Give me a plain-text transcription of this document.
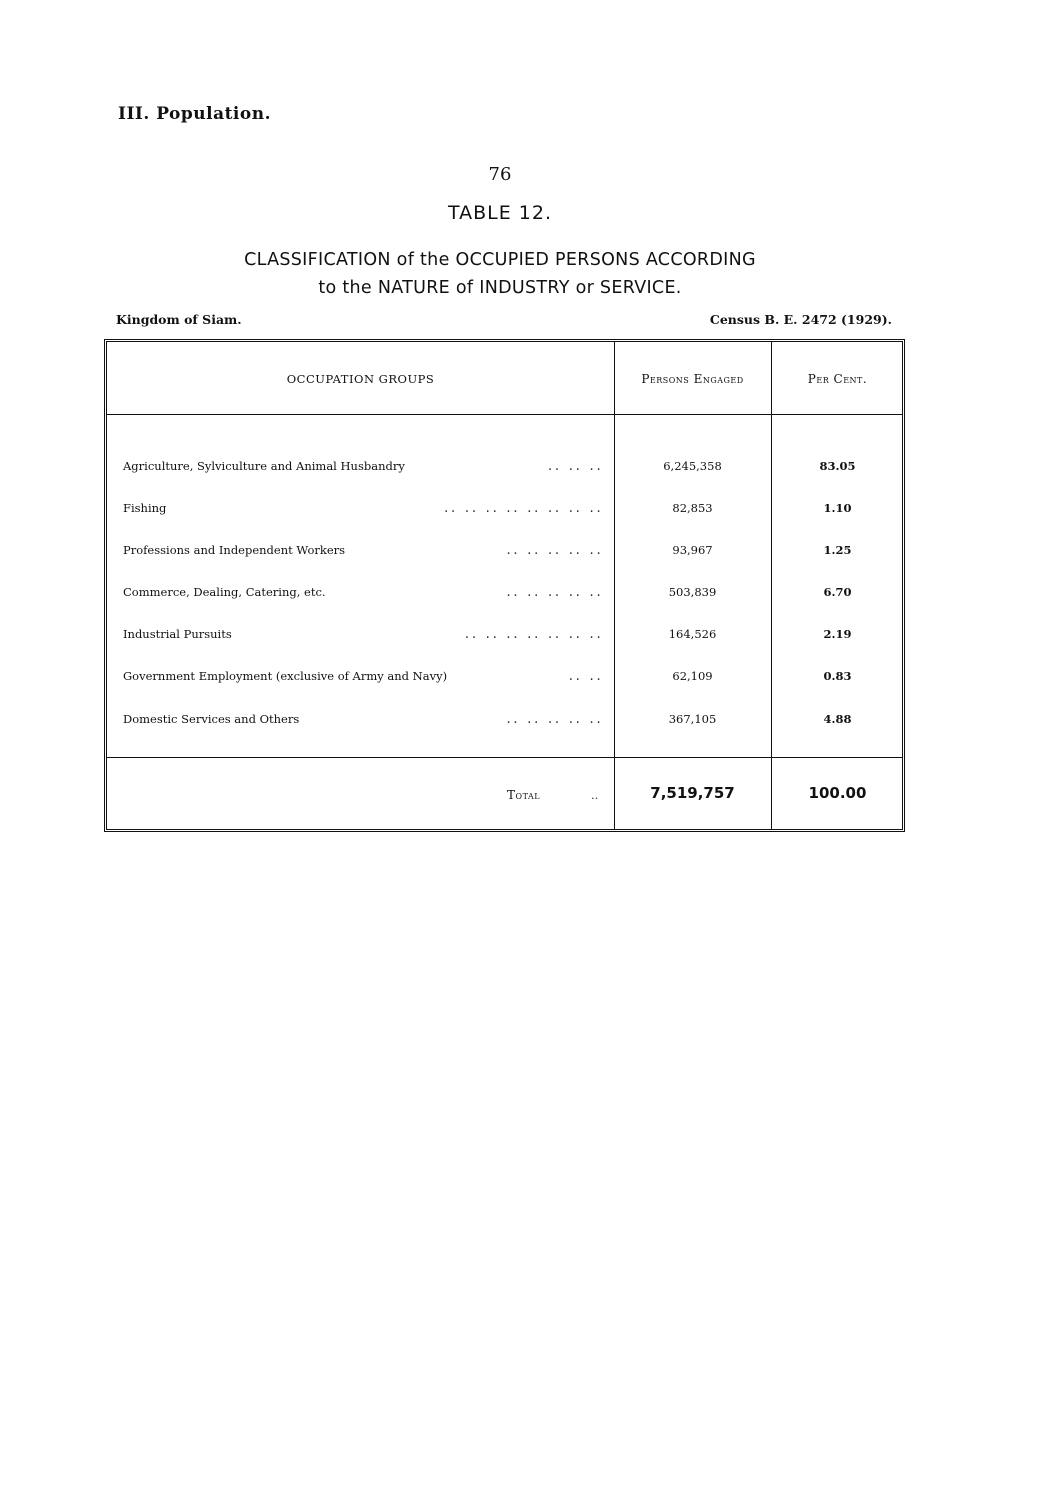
III. Population.
76
TABLE 12.
CLASSIFICATION of the OCCUPIED PERSONS ACCORDING
to the NATURE of INDUSTRY or SERVICE.
Kingdom of Siam.	Census B. E. 2472 (1929).
OCCUPATION GROUPS	Persons Engaged	Per Cent.
Agriculture, Sylviculture and Animal Husbandry	.. .. ..	6,245,358	83.05
Fishing	.. .. .. .. .. .. .. ..	82,853	1.10
Professions and Independent Workers	.. .. .. .. ..	93,967	1.25
Commerce, Dealing, Catering, etc.	.. .. .. .. ..	503,839	6.70
Industrial Pursuits	.. .. .. .. .. .. ..	164,526	2.19
Government Employment (exclusive of Army and Navy)	.. ..	62,109	0.83
Domestic Services and Others	.. .. .. .. ..	367,105	4.88
Total	..	7,519,757	100.00
